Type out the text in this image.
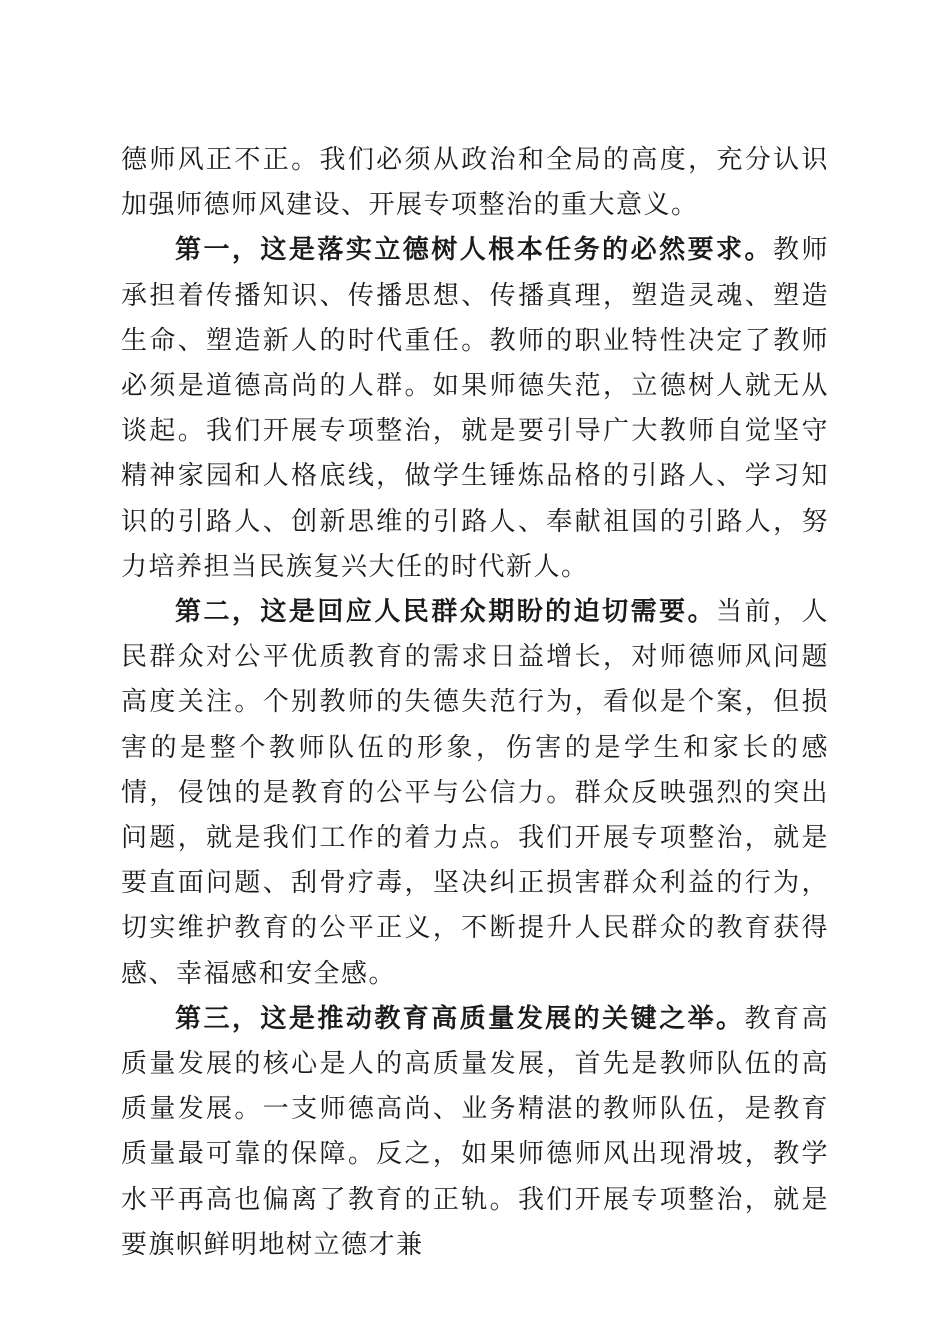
德师风正不正。我们必须从政治和全局的高度，充分认识加强师德师风建设、开展专项整治的重大意义。

第一，这是落实立德树人根本任务的必然要求。教师承担着传播知识、传播思想、传播真理，塑造灵魂、塑造生命、塑造新人的时代重任。教师的职业特性决定了教师必须是道德高尚的人群。如果师德失范，立德树人就无从谈起。我们开展专项整治，就是要引导广大教师自觉坚守精神家园和人格底线，做学生锤炼品格的引路人、学习知识的引路人、创新思维的引路人、奉献祖国的引路人，努力培养担当民族复兴大任的时代新人。

第二，这是回应人民群众期盼的迫切需要。当前，人民群众对公平优质教育的需求日益增长，对师德师风问题高度关注。个别教师的失德失范行为，看似是个案，但损害的是整个教师队伍的形象，伤害的是学生和家长的感情，侵蚀的是教育的公平与公信力。群众反映强烈的突出问题，就是我们工作的着力点。我们开展专项整治，就是要直面问题、刮骨疗毒，坚决纠正损害群众利益的行为，切实维护教育的公平正义，不断提升人民群众的教育获得感、幸福感和安全感。

第三，这是推动教育高质量发展的关键之举。教育高质量发展的核心是人的高质量发展，首先是教师队伍的高质量发展。一支师德高尚、业务精湛的教师队伍，是教育质量最可靠的保障。反之，如果师德师风出现滑坡，教学水平再高也偏离了教育的正轨。我们开展专项整治，就是要旗帜鲜明地树立德才兼
